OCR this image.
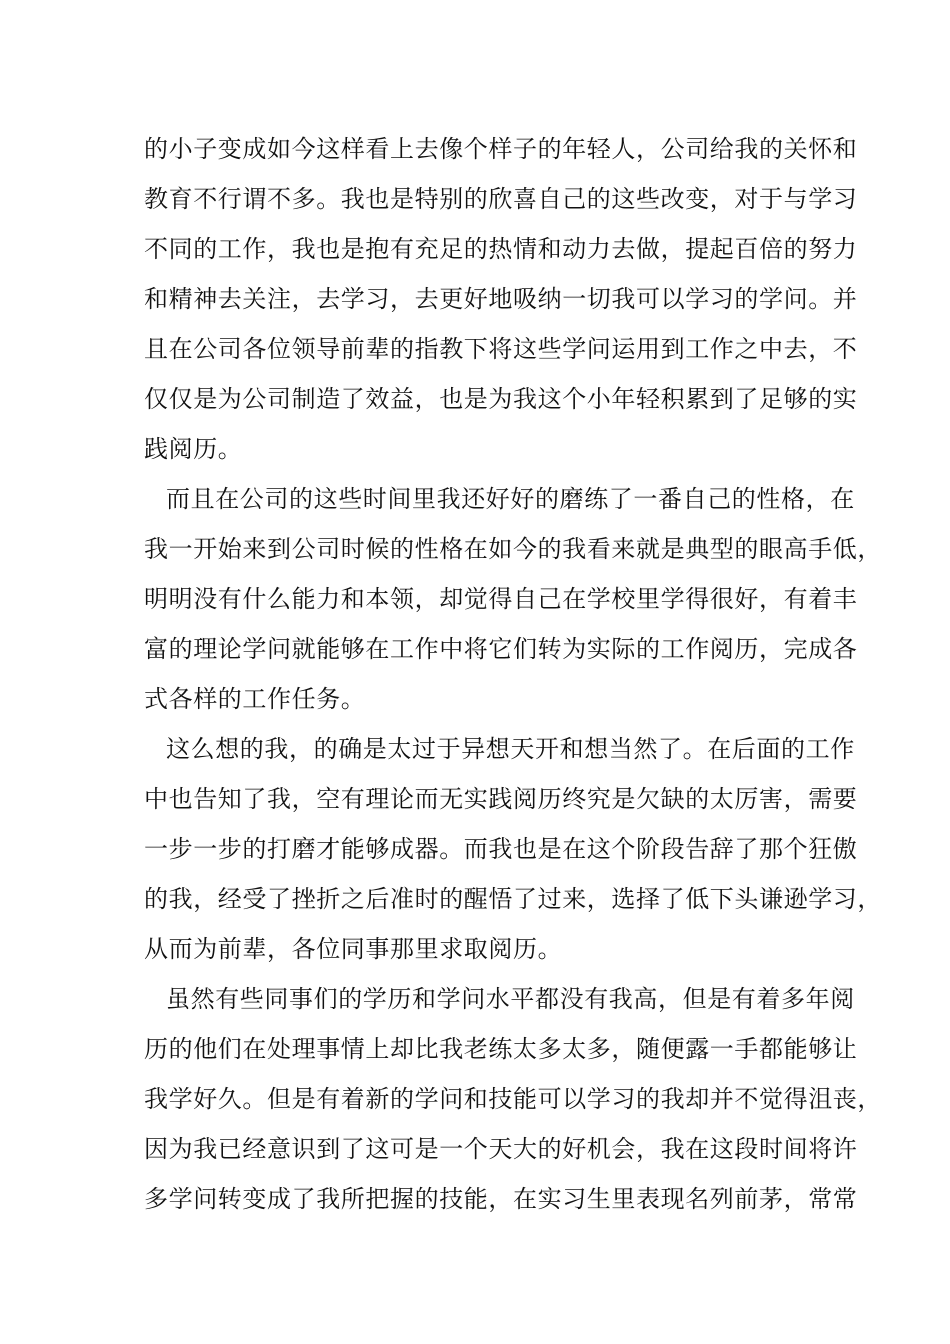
的小子变成如今这样看上去像个样子的年轻人，公司给我的关怀和
教育不行谓不多。我也是特别的欣喜自己的这些改变，对于与学习
不同的工作，我也是抱有充足的热情和动力去做，提起百倍的努力
和精神去关注，去学习，去更好地吸纳一切我可以学习的学问。并
且在公司各位领导前辈的指教下将这些学问运用到工作之中去，不
仅仅是为公司制造了效益，也是为我这个小年轻积累到了足够的实
践阅历。
而且在公司的这些时间里我还好好的磨练了一番自己的性格，在
我一开始来到公司时候的性格在如今的我看来就是典型的眼高手低，
明明没有什么能力和本领，却觉得自己在学校里学得很好，有着丰
富的理论学问就能够在工作中将它们转为实际的工作阅历，完成各
式各样的工作任务。
这么想的我，的确是太过于异想天开和想当然了。在后面的工作
中也告知了我，空有理论而无实践阅历终究是欠缺的太厉害，需要
一步一步的打磨才能够成器。而我也是在这个阶段告辞了那个狂傲
的我，经受了挫折之后准时的醒悟了过来，选择了低下头谦逊学习，
从而为前辈，各位同事那里求取阅历。
虽然有些同事们的学历和学问水平都没有我高，但是有着多年阅
历的他们在处理事情上却比我老练太多太多，随便露一手都能够让
我学好久。但是有着新的学问和技能可以学习的我却并不觉得沮丧，
因为我已经意识到了这可是一个天大的好机会，我在这段时间将许
多学问转变成了我所把握的技能，在实习生里表现名列前茅，常常
